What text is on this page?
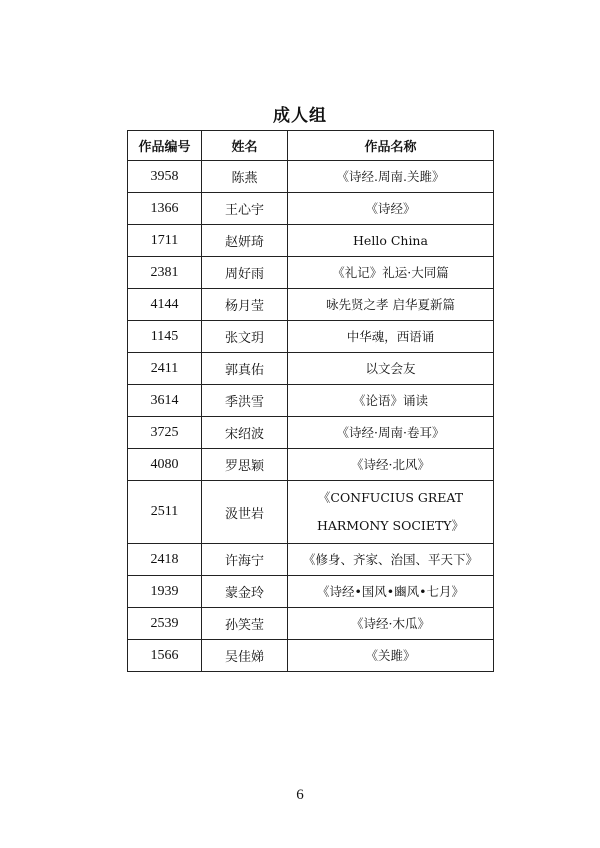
成人组
作品编号	姓名	作品名称
3958	陈燕	《诗经.周南.关雎》
1366	王心宇	《诗经》
1711	赵妍琦	Hello China
2381	周好雨	《礼记》礼运·大同篇
4144	杨月莹	咏先贤之孝 启华夏新篇
1145	张文玥	中华魂，西语诵
2411	郭真佑	以文会友
3614	季洪雪	《论语》诵读
3725	宋绍波	《诗经·周南·卷耳》
4080	罗思颖	《诗经·北风》
2511	汲世岩	《CONFUCIUS GREAT HARMONY SOCIETY》
2418	许海宁	《修身、齐家、治国、平天下》
1939	蒙金玲	《诗经•国风•豳风•七月》
2539	孙笑莹	《诗经·木瓜》
1566	吴佳娣	《关雎》
6
